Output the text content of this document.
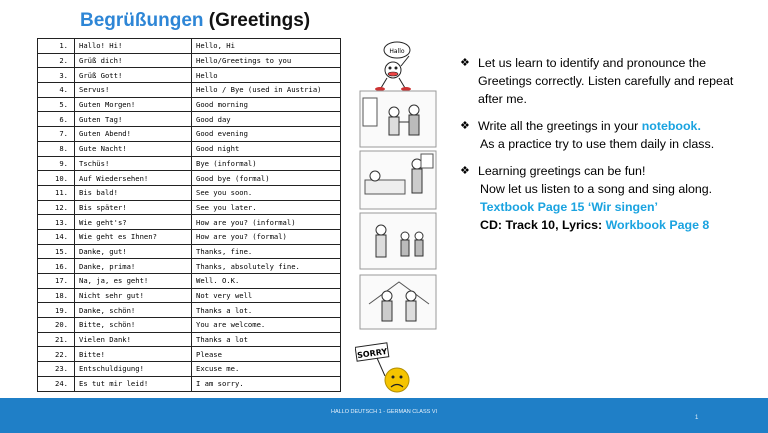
Begrüßungen (Greetings)
1.	Hallo! Hi!	Hello, Hi
2.	Grüß dich!	Hello/Greetings to you
3.	Grüß Gott!	Hello
4.	Servus!	Hello / Bye (used in Austria)
5.	Guten Morgen!	Good morning
6.	Guten Tag!	Good day
7.	Guten Abend!	Good evening
8.	Gute Nacht!	Good night
9.	Tschüs!	Bye (informal)
10.	Auf Wiedersehen!	Good bye (formal)
11.	Bis bald!	See you soon.
12.	Bis später!	See you later.
13.	Wie geht's?	How are you? (informal)
14.	Wie geht es Ihnen?	How are you? (formal)
15.	Danke, gut!	Thanks, fine.
16.	Danke, prima!	Thanks, absolutely fine.
17.	Na, ja, es geht!	Well. O.K.
18.	Nicht sehr gut!	Not very well
19.	Danke, schön!	Thanks a lot.
20.	Bitte, schön!	You are welcome.
21.	Vielen Dank!	Thanks a lot
22.	Bitte!	Please
23.	Entschuldigung!	Excuse me.
24.	Es tut mir leid!	I am sorry.
Hallo
SORRY
❖ Let us learn to identify and pronounce the
Greetings correctly. Listen carefully and repeat
after me.
❖ Write all the greetings in your notebook.
As a practice try to use them daily in class.
❖ Learning greetings can be fun!
Now let us listen to a song and sing along.
Textbook Page 15 ‘Wir singen’
CD: Track 10, Lyrics: Workbook Page 8
HALLO DEUTSCH 1 - GERMAN CLASS VI
1
